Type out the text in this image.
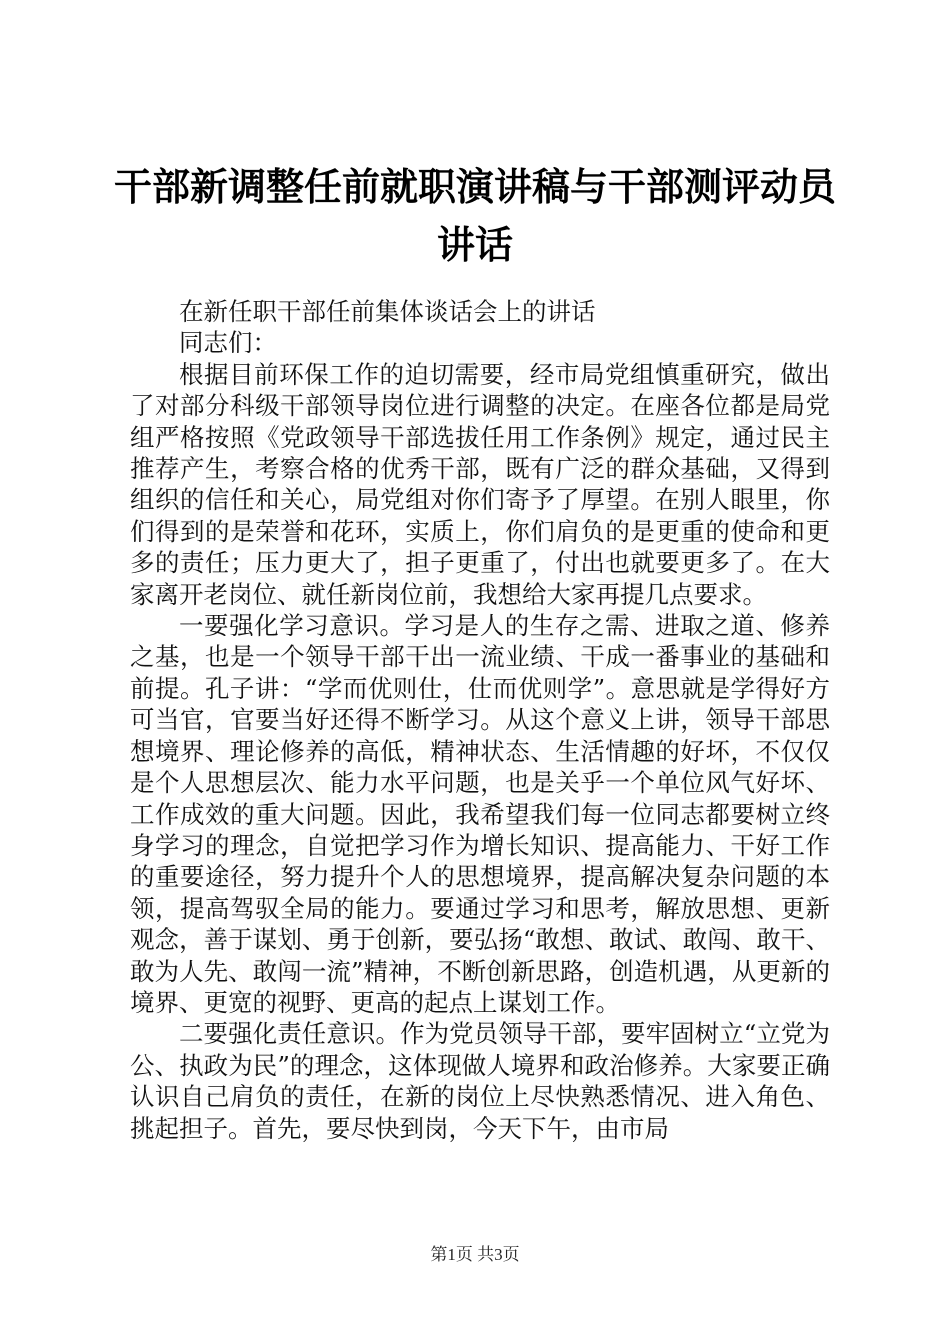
干部新调整任前就职演讲稿与干部测评动员讲话

在新任职干部任前集体谈话会上的讲话

同志们：

根据目前环保工作的迫切需要，经市局党组慎重研究，做出了对部分科级干部领导岗位进行调整的决定。在座各位都是局党组严格按照《党政领导干部选拔任用工作条例》规定，通过民主推荐产生，考察合格的优秀干部，既有广泛的群众基础，又得到组织的信任和关心，局党组对你们寄予了厚望。在别人眼里，你们得到的是荣誉和花环，实质上，你们肩负的是更重的使命和更多的责任；压力更大了，担子更重了，付出也就要更多了。在大家离开老岗位、就任新岗位前，我想给大家再提几点要求。

一要强化学习意识。学习是人的生存之需、进取之道、修养之基，也是一个领导干部干出一流业绩、干成一番事业的基础和前提。孔子讲：“学而优则仕，仕而优则学”。意思就是学得好方可当官，官要当好还得不断学习。从这个意义上讲，领导干部思想境界、理论修养的高低，精神状态、生活情趣的好坏，不仅仅是个人思想层次、能力水平问题，也是关乎一个单位风气好坏、工作成效的重大问题。因此，我希望我们每一位同志都要树立终身学习的理念，自觉把学习作为增长知识、提高能力、干好工作的重要途径，努力提升个人的思想境界，提高解决复杂问题的本领，提高驾驭全局的能力。要通过学习和思考，解放思想、更新观念，善于谋划、勇于创新，要弘扬“敢想、敢试、敢闯、敢干、敢为人先、敢闯一流”精神，不断创新思路，创造机遇，从更新的境界、更宽的视野、更高的起点上谋划工作。

二要强化责任意识。作为党员领导干部，要牢固树立“立党为公、执政为民”的理念，这体现做人境界和政治修养。大家要正确认识自己肩负的责任，在新的岗位上尽快熟悉情况、进入角色、挑起担子。首先，要尽快到岗，今天下午，由市局

第1页 共3页
